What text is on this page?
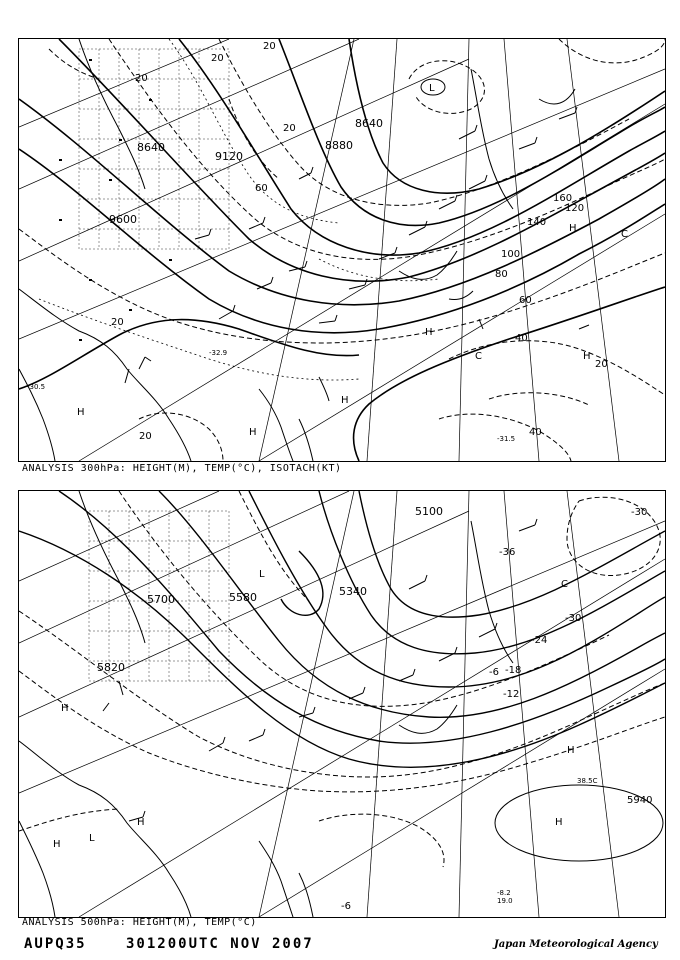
9600
9120
8880
8640
8640
20
20
20
20
40
40
60
60
80
100
120
140
160
20
20
20
H
H
H
H
H
H
C
C
L
-30.5
-31.5
-32.9
ANALYSIS 300hPa: HEIGHT(M), TEMP(°C), ISOTACH(KT)
5700
5820
5340
5100
5580
-6
-12
-18
-24
-30
-36
-6
-30
H
H
H
H
H
C
L
L
19.0
-8.2
38.5C
5940
ANALYSIS 500hPa: HEIGHT(M), TEMP(°C)
AUPQ35	301200UTC NOV 2007	Japan Meteorological Agency
